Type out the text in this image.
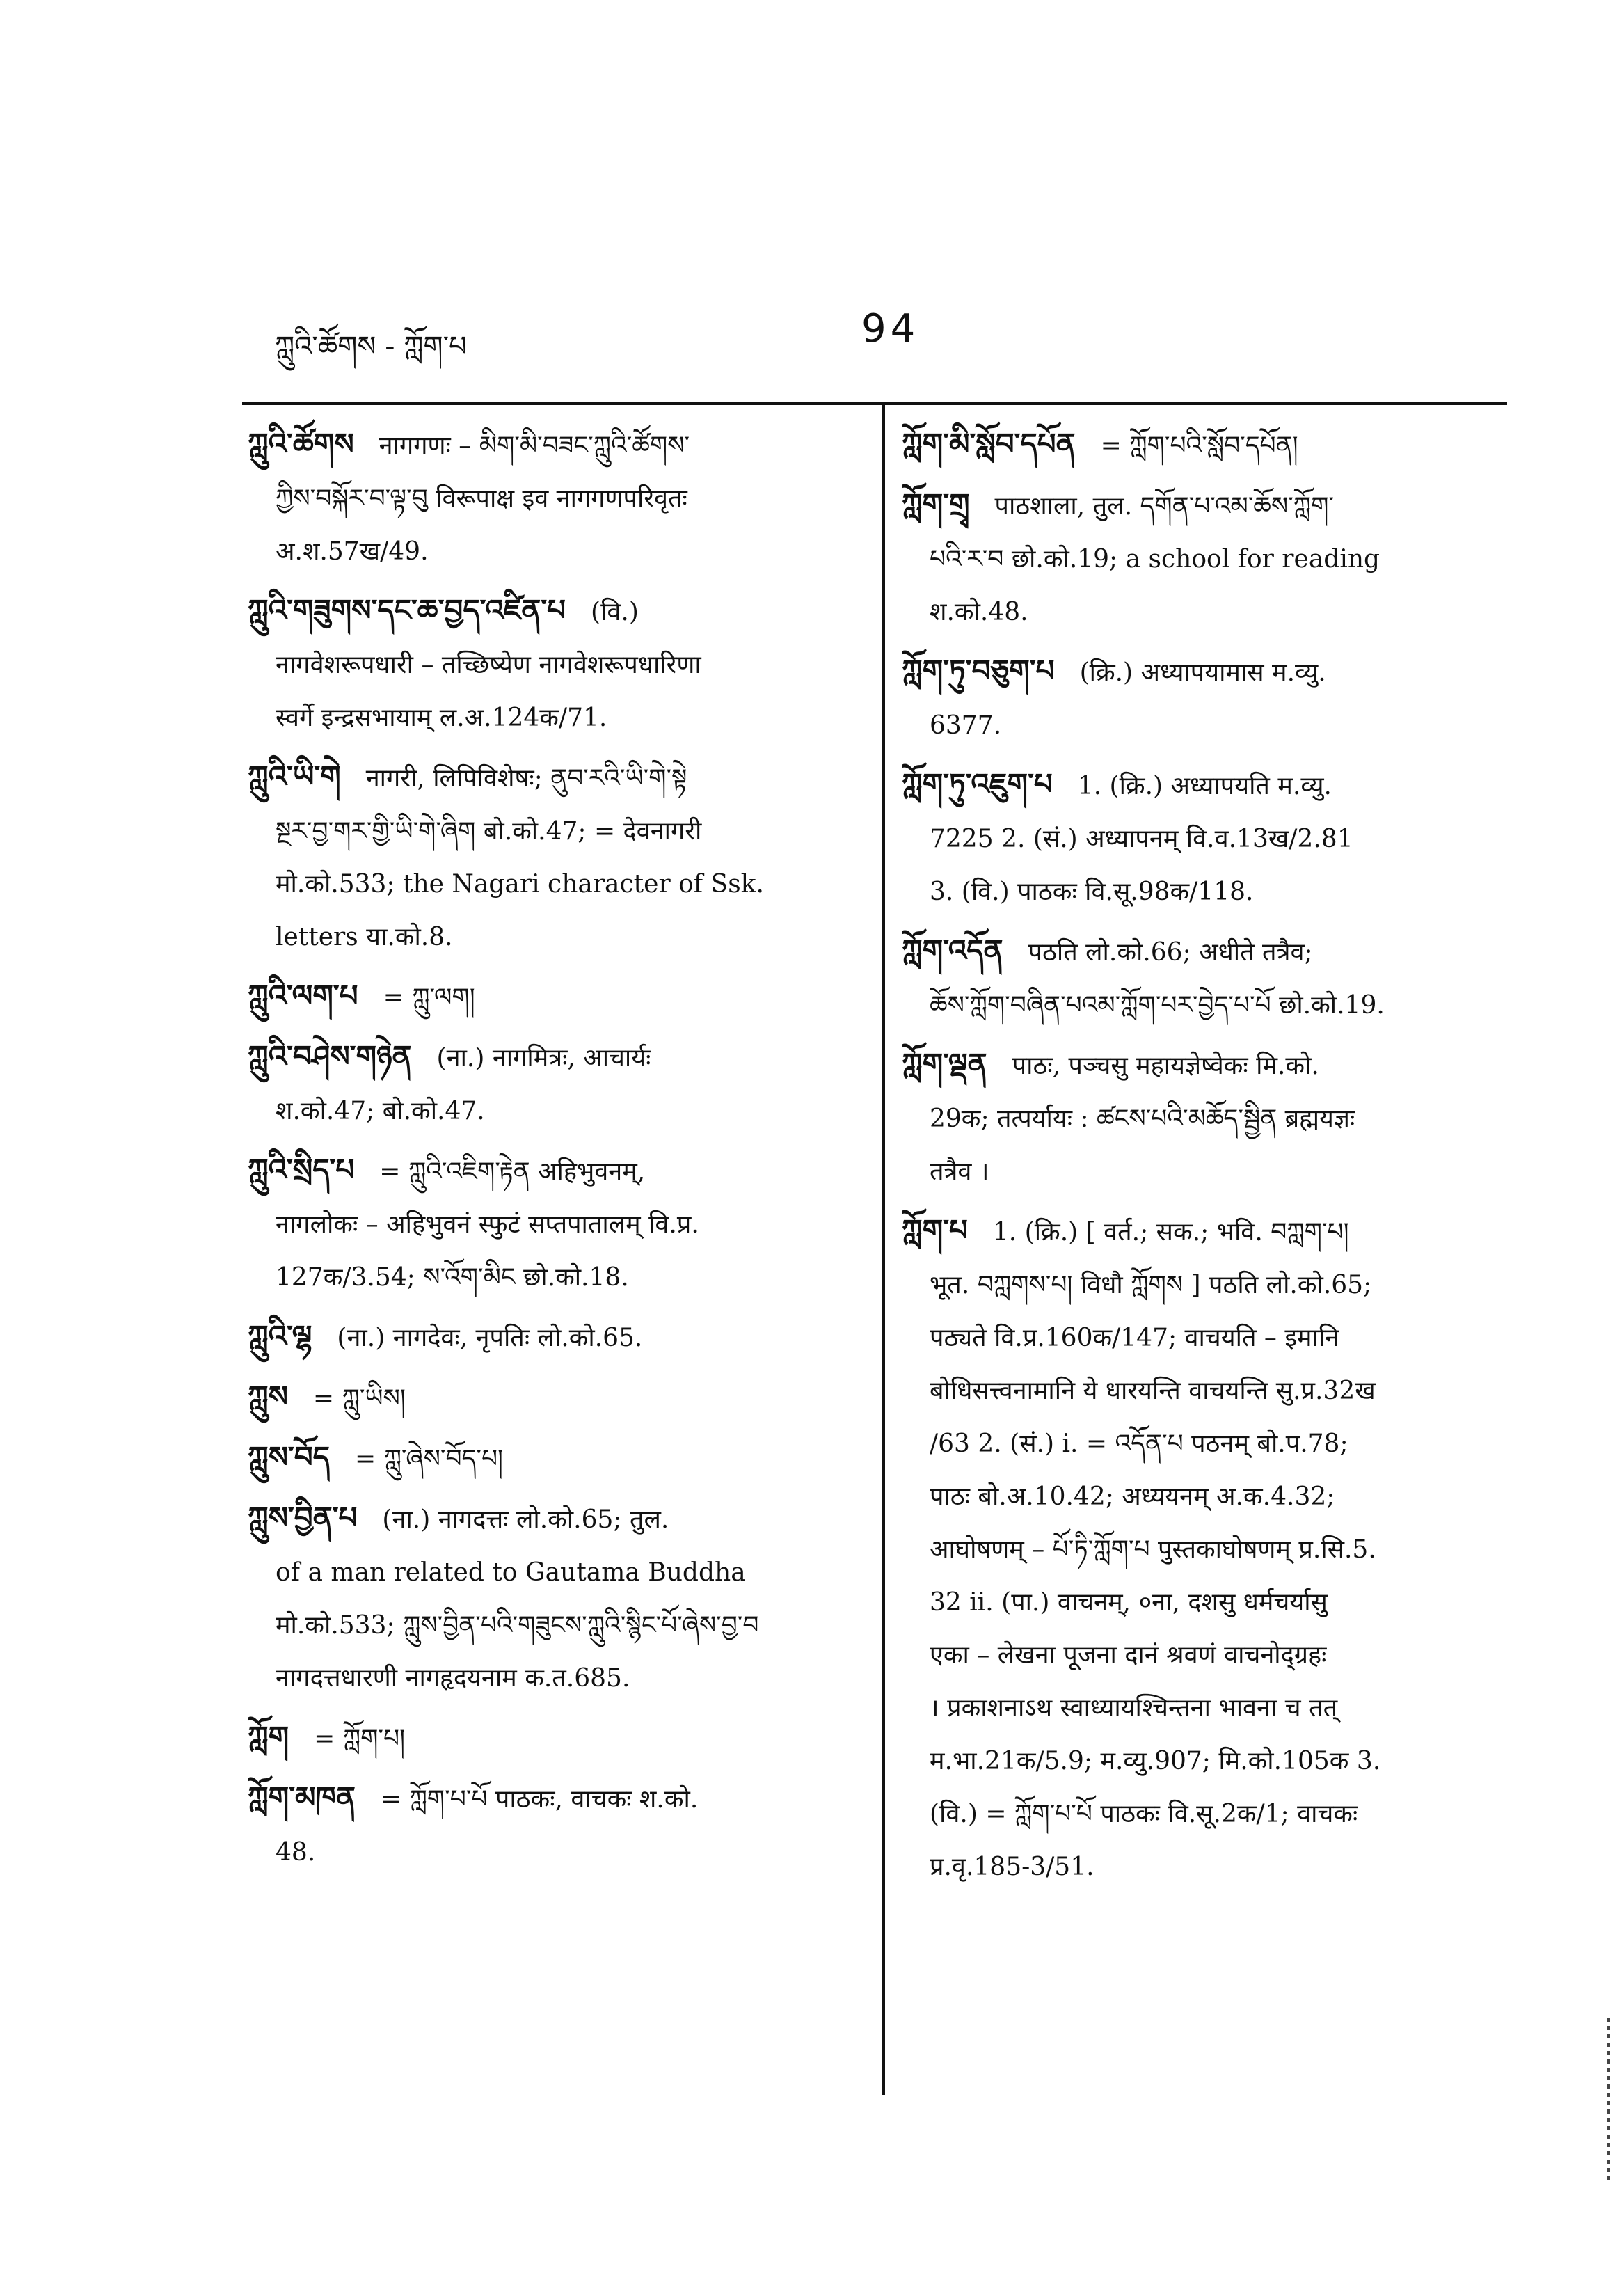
ཀླུའི་ཚོགས - ཀློག་པ	94
ཀླུའི་ཚོགས नागगणः – མིག་མི་བཟང་ཀླུའི་ཚོགས་
ཀྱིས་བསྐོར་བ་ལྟ་བུ विरूपाक्ष इव नागगणपरिवृतः
अ.श.57ख/49.
ཀླུའི་གཟུགས་དང་ཆ་བྱད་འཛིན་པ (वि.)
नागवेशरूपधारी – तच्छिष्येण नागवेशरूपधारिणा
स्वर्गे इन्द्रसभायाम् ल.अ.124क/71.
ཀླུའི་ཡི་གེ नागरी, लिपिविशेषः; ནུབ་རའི་ཡི་གེ་སྟེ
སྔར་བྱ་གར་གྱི་ཡི་གེ་ཞིག बो.को.47; = देवनागरी
मो.को.533; the Nagari character of Ssk.
letters या.को.8.
ཀླུའི་ལག་པ = ཀླུ་ལག།
ཀླུའི་བཤེས་གཉེན (ना.) नागमित्रः, आचार्यः
श.को.47; बो.को.47.
ཀླུའི་སྲིད་པ = ཀླུའི་འཇིག་རྟེན अहिभुवनम्,
नागलोकः – अहिभुवनं स्फुटं सप्तपातालम् वि.प्र.
127क/3.54; ས་འོག་མིང छो.को.18.
ཀླུའི་ལྷ (ना.) नागदेवः, नृपतिः लो.को.65.
ཀླུས = ཀླུ་ཡིས།
ཀླུས་བོད = ཀླུ་ཞེས་བོད་པ།
ཀླུས་བྱིན་པ (ना.) नागदत्तः लो.को.65; तुल.
of a man related to Gautama Buddha
मो.को.533; ཀླུས་བྱིན་པའི་གཟུངས་ཀླུའི་སྙིང་པོ་ཞེས་བྱ་བ
नागदत्तधारणी नागहृदयनाम क.त.685.
ཀློག = ཀློག་པ།
ཀློག་མཁན = ཀློག་པ་པོ पाठकः, वाचकः श.को.
48.
ཀློག་མི་སློབ་དཔོན = ཀློག་པའི་སློབ་དཔོན།
ཀློག་གྲྭ पाठशाला, तुल. དགོན་པ་འམ་ཆོས་ཀློག་
པའི་ར་བ छो.को.19; a school for reading
श.को.48.
ཀློག་ཏུ་བཅུག་པ (क्रि.) अध्यापयामास म.व्यु.
6377.
ཀློག་ཏུ་འཇུག་པ 1. (क्रि.) अध्यापयति म.व्यु.
7225 2. (सं.) अध्यापनम् वि.व.13ख/2.81
3. (वि.) पाठकः वि.सू.98क/118.
ཀློག་འདོན पठति लो.को.66; अधीते तत्रैव;
ཆོས་ཀློག་བཞིན་པའམ་ཀློག་པར་བྱེད་པ་པོ छो.को.19.
ཀློག་ལྡན पाठः, पञ्चसु महायज्ञेष्वेकः मि.को.
29क; तत्पर्यायः : ཚངས་པའི་མཆོད་སྦྱིན ब्रह्मयज्ञः
तत्रैव ।
ཀློག་པ 1. (क्रि.) [ वर्त.; सक.; भवि. བཀླག་པ།
भूत. བཀླགས་པ། विधौ ཀློགས ] पठति लो.को.65;
पठ्यते वि.प्र.160क/147; वाचयति – इमानि
बोधिसत्त्वनामानि ये धारयन्ति वाचयन्ति सु.प्र.32ख
/63 2. (सं.) i. = འདོན་པ पठनम् बो.प.78;
पाठः बो.अ.10.42; अध्ययनम् अ.क.4.32;
आघोषणम् – པོ་ཏི་ཀློག་པ पुस्तकाघोषणम् प्र.सि.5.
32 ii. (पा.) वाचनम्, ०ना, दशसु धर्मचर्यासु
एका – लेखना पूजना दानं श्रवणं वाचनोद्ग्रहः
। प्रकाशनाऽथ स्वाध्यायश्चिन्तना भावना च तत्
म.भा.21क/5.9; म.व्यु.907; मि.को.105क 3.
(वि.) = ཀློག་པ་པོ पाठकः वि.सू.2क/1; वाचकः
प्र.वृ.185-3/51.
